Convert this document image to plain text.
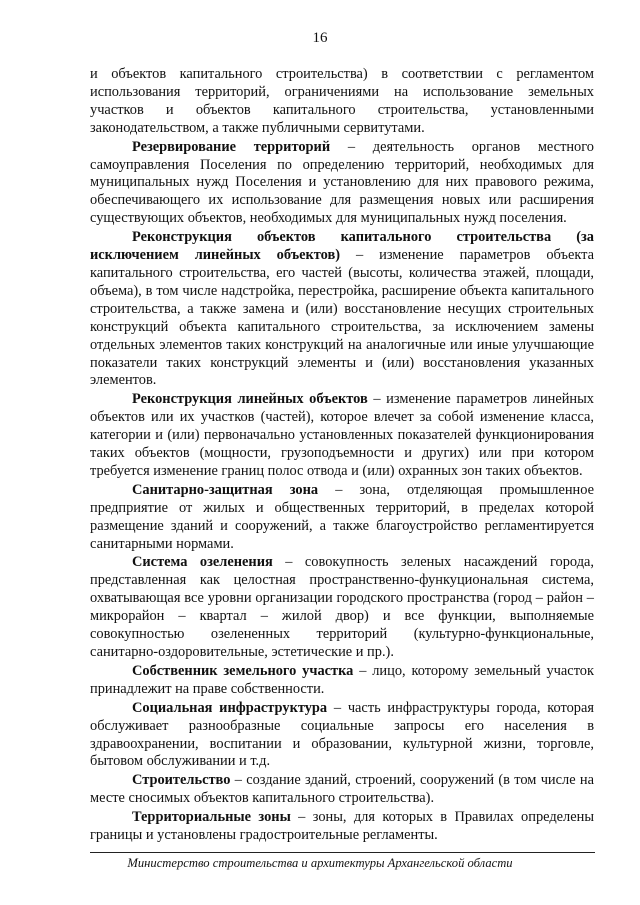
16

и объектов капитального строительства) в соответствии с регламентом использования территорий, ограничениями на использование земельных участков и объектов капитального строительства, установленными законодательством, а также публичными сервитутами.

Резервирование территорий – деятельность органов местного самоуправления Поселения по определению территорий, необходимых для муниципальных нужд Поселения и установлению для них правового режима, обеспечивающего их использование для размещения новых или расширения существующих объектов, необходимых для муниципальных нужд поселения.

Реконструкция объектов капитального строительства (за исключением линейных объектов) – изменение параметров объекта капитального строительства, его частей (высоты, количества этажей, площади, объема), в том числе надстройка, перестройка, расширение объекта капитального строительства, а также замена и (или) восстановление несущих строительных конструкций объекта капитального строительства, за исключением замены отдельных элементов таких конструкций на аналогичные или иные улучшающие показатели таких конструкций элементы и (или) восстановления указанных элементов.

Реконструкция линейных объектов – изменение параметров линейных объектов или их участков (частей), которое влечет за собой изменение класса, категории и (или) первоначально установленных показателей функционирования таких объектов (мощности, грузоподъемности и других) или при котором требуется изменение границ полос отвода и (или) охранных зон таких объектов.

Санитарно-защитная зона – зона, отделяющая промышленное предприятие от жилых и общественных территорий, в пределах которой размещение зданий и сооружений, а также благоустройство регламентируется санитарными нормами.

Система озеленения – совокупность зеленых насаждений города, представленная как целостная пространственно-функуциональная система, охватывающая все уровни организации городского пространства (город – район – микрорайон – квартал – жилой двор) и все функции, выполняемые совокупностью озелененных территорий (культурно-функциональные, санитарно-оздоровительные, эстетические и пр.).

Собственник земельного участка – лицо, которому земельный участок принадлежит на праве собственности.

Социальная инфраструктура – часть инфраструктуры города, которая обслуживает разнообразные социальные запросы его населения в здравоохранении, воспитании и образовании, культурной жизни, торговле, бытовом обслуживании и т.д.

Строительство – создание зданий, строений, сооружений (в том числе на месте сносимых объектов капитального строительства).

Территориальные зоны – зоны, для которых в Правилах определены границы и установлены градостроительные регламенты.

Министерство строительства и архитектуры Архангельской области
